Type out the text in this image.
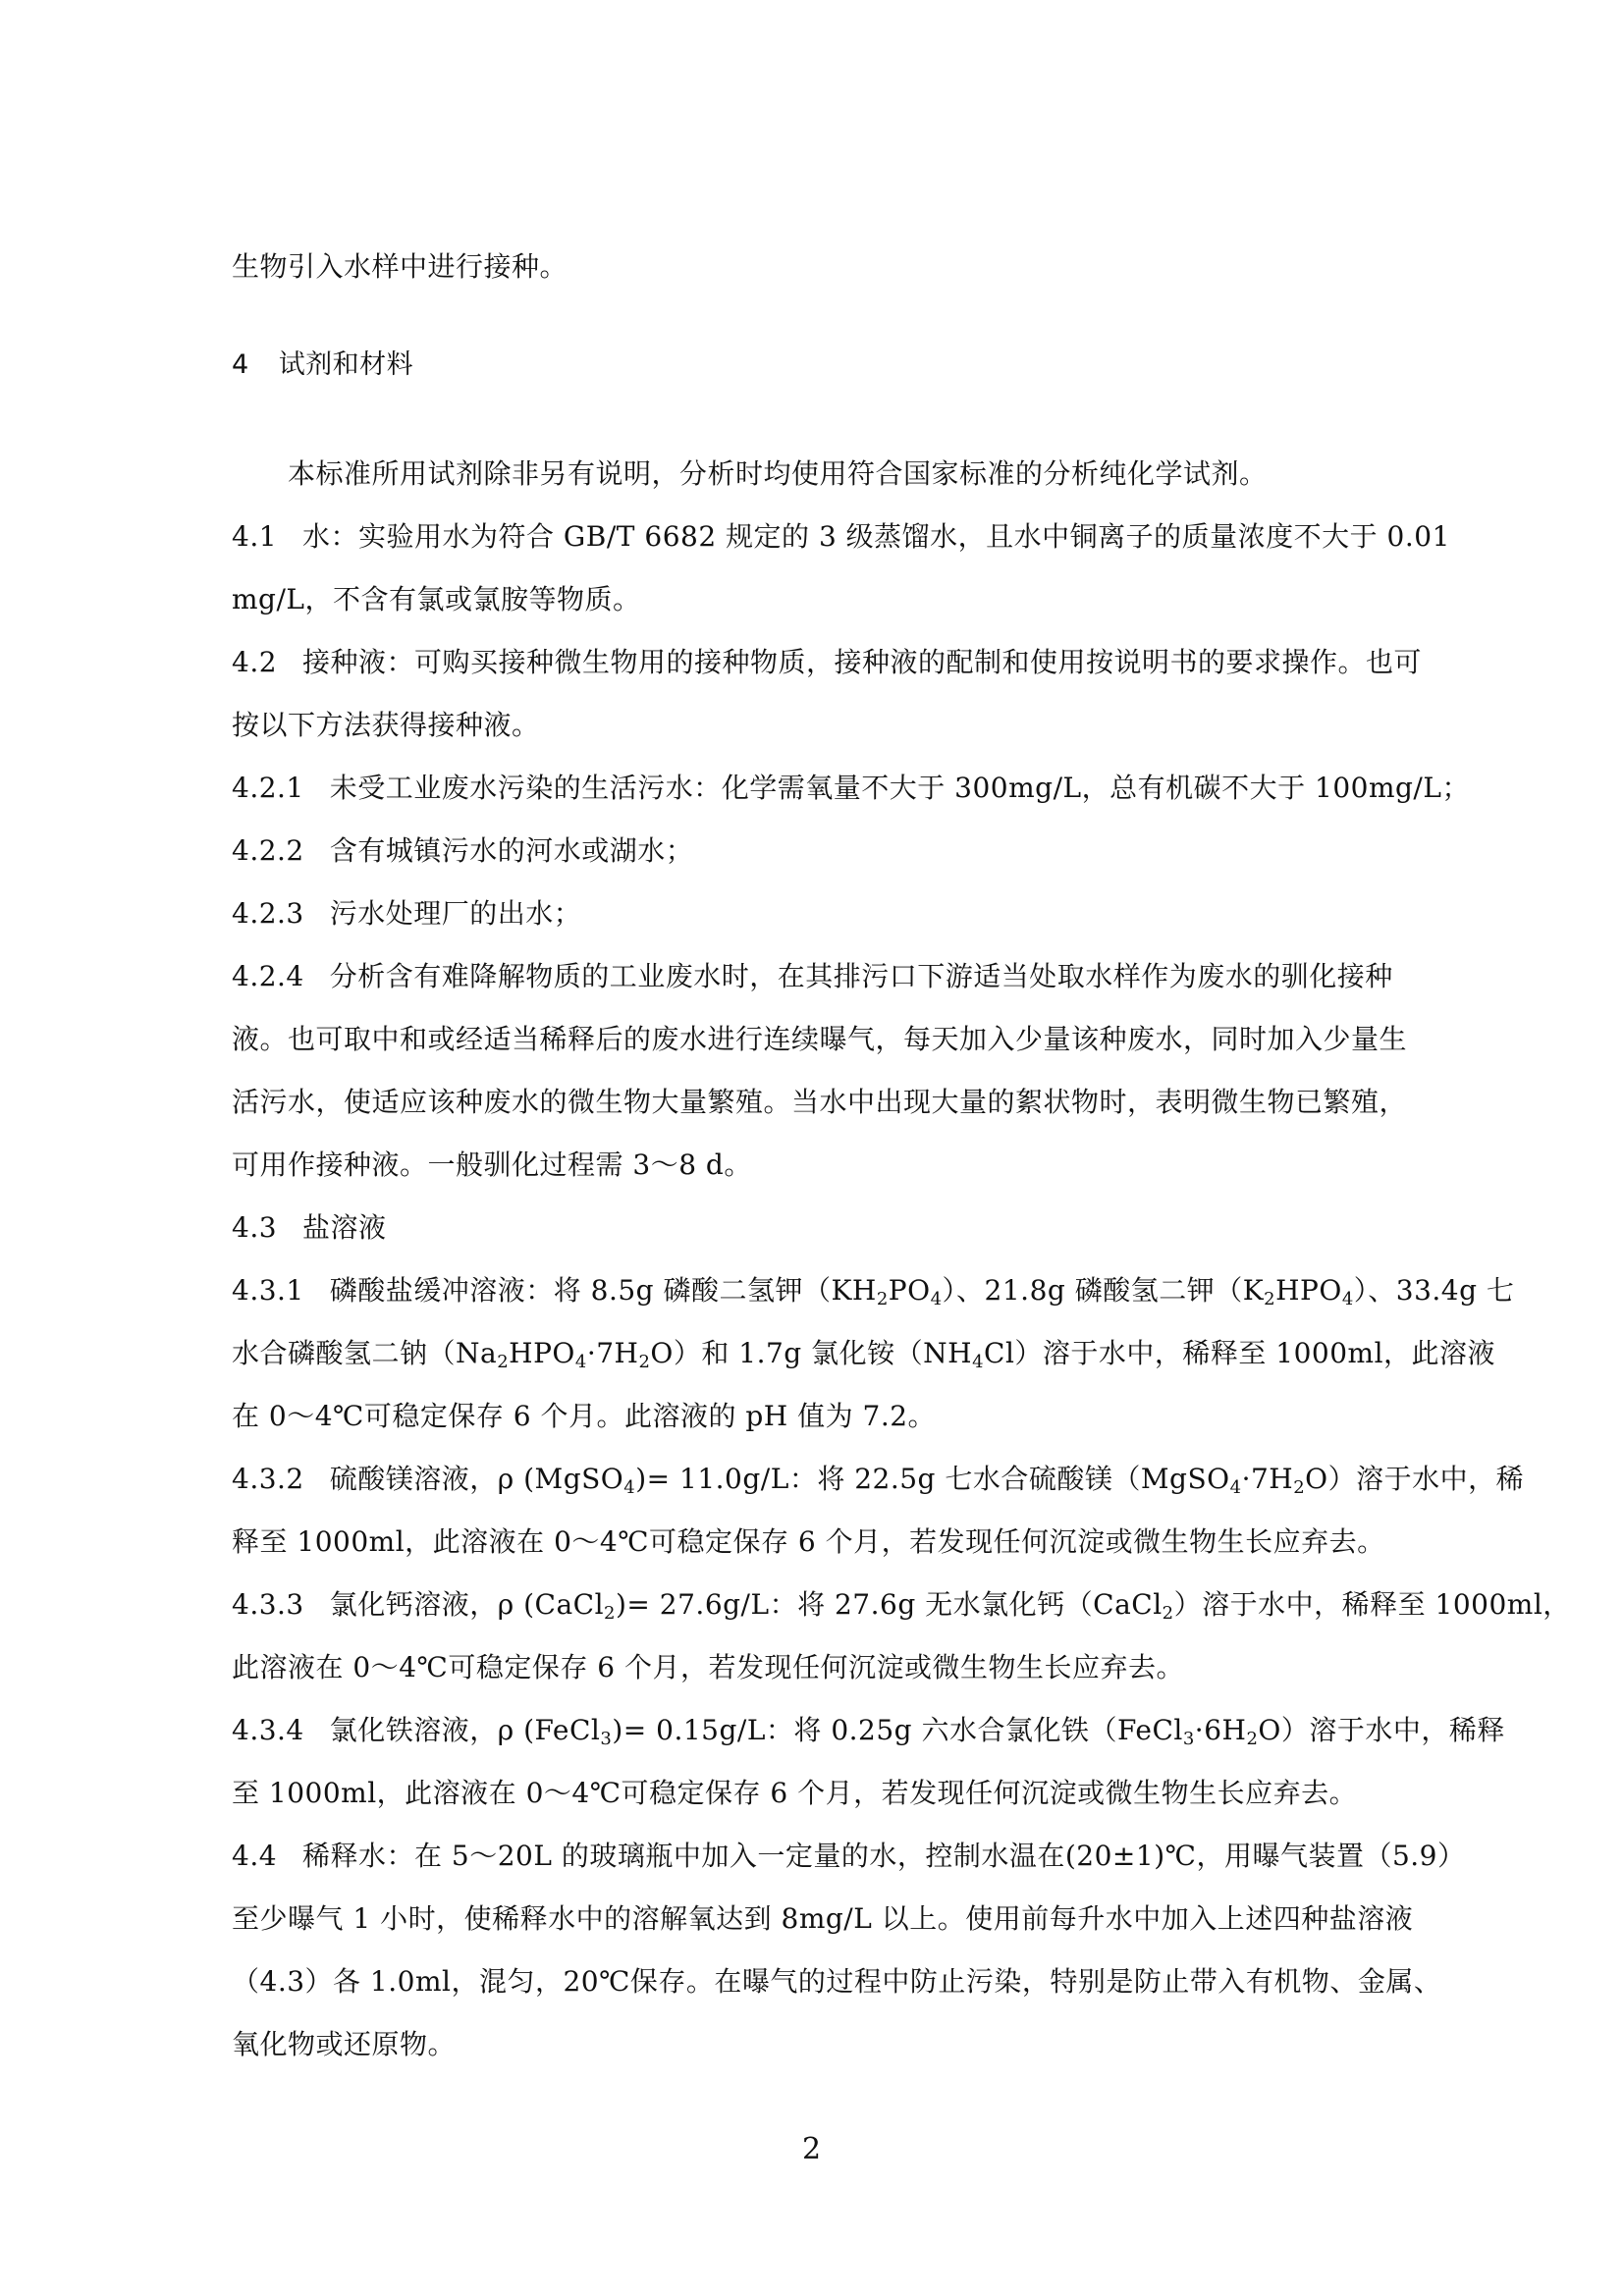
生物引入水样中进行接种。
4 试剂和材料
本标准所用试剂除非另有说明，分析时均使用符合国家标准的分析纯化学试剂。
4.1 水：实验用水为符合 GB/T 6682 规定的 3 级蒸馏水，且水中铜离子的质量浓度不大于 0.01
mg/L，不含有氯或氯胺等物质。
4.2 接种液：可购买接种微生物用的接种物质，接种液的配制和使用按说明书的要求操作。也可
按以下方法获得接种液。
4.2.1 未受工业废水污染的生活污水：化学需氧量不大于 300mg/L，总有机碳不大于 100mg/L；
4.2.2 含有城镇污水的河水或湖水；
4.2.3 污水处理厂的出水；
4.2.4 分析含有难降解物质的工业废水时，在其排污口下游适当处取水样作为废水的驯化接种
液。也可取中和或经适当稀释后的废水进行连续曝气，每天加入少量该种废水，同时加入少量生
活污水，使适应该种废水的微生物大量繁殖。当水中出现大量的絮状物时，表明微生物已繁殖，
可用作接种液。一般驯化过程需 3～8 d。
4.3 盐溶液
4.3.1 磷酸盐缓冲溶液：将 8.5g 磷酸二氢钾$(KH_2PO_4)$、21.8g 磷酸氢二钾$(K_2HPO_4)$、33.4g 七
水合磷酸氢二钠$(Na_2HPO_4\cdot 7H_2O)$和 1.7g 氯化铵$(NH_4Cl)$溶于水中，稀释至 1000ml，此溶液
在 0～4℃可稳定保存 6 个月。此溶液的 pH 值为 7.2。
4.3.2 硫酸镁溶液，ρ (MgSO$_4$)= 11.0g/L：将 22.5g 七水合硫酸镁$(MgSO_4\cdot 7H_2O)$溶于水中，稀
释至 1000ml，此溶液在 0～4℃可稳定保存 6 个月，若发现任何沉淀或微生物生长应弃去。
4.3.3 氯化钙溶液，ρ (CaCl$_2$)= 27.6g/L：将 27.6g 无水氯化钙（CaCl$_2$）溶于水中，稀释至 1000ml，
此溶液在 0～4℃可稳定保存 6 个月，若发现任何沉淀或微生物生长应弃去。
4.3.4 氯化铁溶液，ρ (FeCl$_3$)= 0.15g/L：将 0.25g 六水合氯化铁$(FeCl_3\cdot 6H_2O)$溶于水中，稀释
至 1000ml，此溶液在 0～4℃可稳定保存 6 个月，若发现任何沉淀或微生物生长应弃去。
4.4 稀释水：在 5～20L 的玻璃瓶中加入一定量的水，控制水温在(20±1)℃，用曝气装置（5.9）
至少曝气 1 小时，使稀释水中的溶解氧达到 8mg/L 以上。使用前每升水中加入上述四种盐溶液
（4.3）各 1.0ml，混匀，20℃保存。在曝气的过程中防止污染，特别是防止带入有机物、金属、
氧化物或还原物。
2
